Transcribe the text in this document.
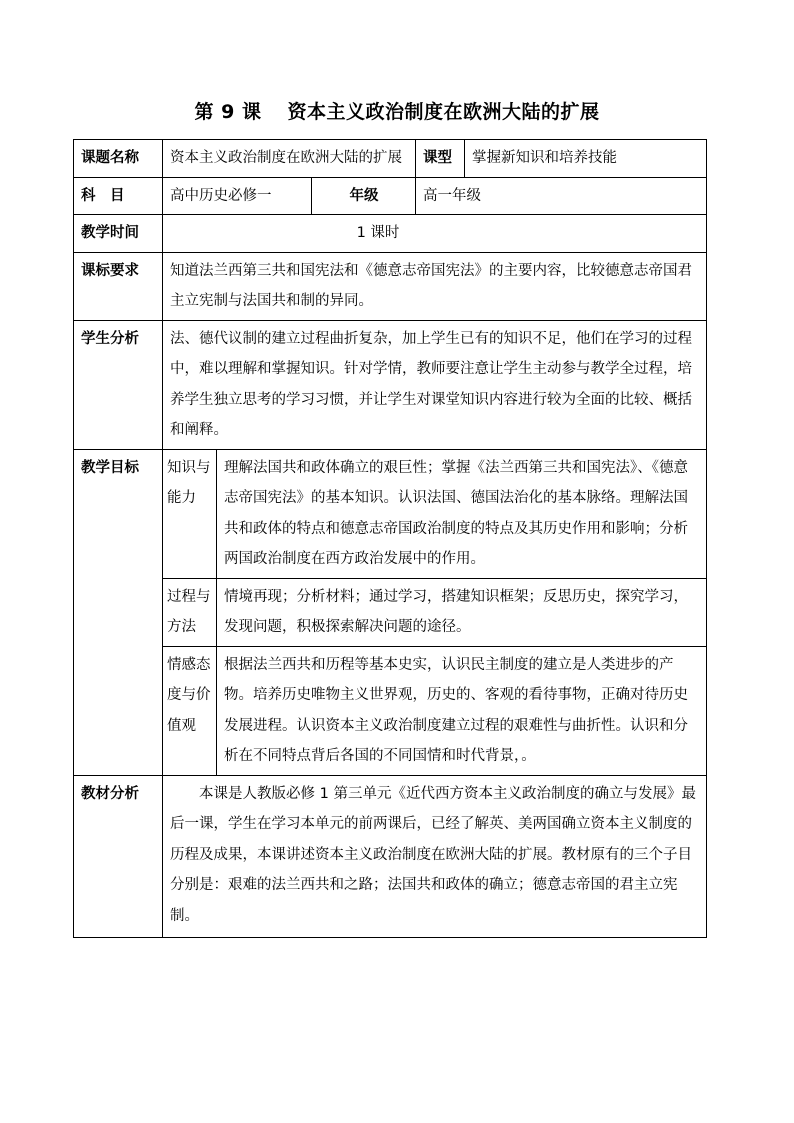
第 9 课 资本主义政治制度在欧洲大陆的扩展
课题名称	资本主义政治制度在欧洲大陆的扩展			课型	掌握新知识和培养技能
科　目	高中历史必修一		年级	高一年级	
教学时间	1 课时				
课标要求	知道法兰西第三共和国宪法和《德意志帝国宪法》的主要内容，比较德意志帝国君主立宪制与法国共和制的异同。				
学生分析	法、德代议制的建立过程曲折复杂，加上学生已有的知识不足，他们在学习的过程中，难以理解和掌握知识。针对学情，教师要注意让学生主动参与教学全过程，培养学生独立思考的学习习惯，并让学生对课堂知识内容进行较为全面的比较、概括和阐释。				
教学目标	知识与能力	理解法国共和政体确立的艰巨性；掌握《法兰西第三共和国宪法》、《德意志帝国宪法》的基本知识。认识法国、德国法治化的基本脉络。理解法国共和政体的特点和德意志帝国政治制度的特点及其历史作用和影响；分析两国政治制度在西方政治发展中的作用。			
	过程与方法	情境再现；分析材料；通过学习，搭建知识框架；反思历史，探究学习，发现问题，积极探索解决问题的途径。			
	情感态度与价值观	根据法兰西共和历程等基本史实，认识民主制度的建立是人类进步的产物。培养历史唯物主义世界观，历史的、客观的看待事物，正确对待历史发展进程。认识资本主义政治制度建立过程的艰难性与曲折性。认识和分析在不同特点背后各国的不同国情和时代背景，。			
教材分析	本课是人教版必修 1 第三单元《近代西方资本主义政治制度的确立与发展》最后一课，学生在学习本单元的前两课后，已经了解英、美两国确立资本主义制度的历程及成果，本课讲述资本主义政治制度在欧洲大陆的扩展。教材原有的三个子目分别是：艰难的法兰西共和之路；法国共和政体的确立；德意志帝国的君主立宪制。				
